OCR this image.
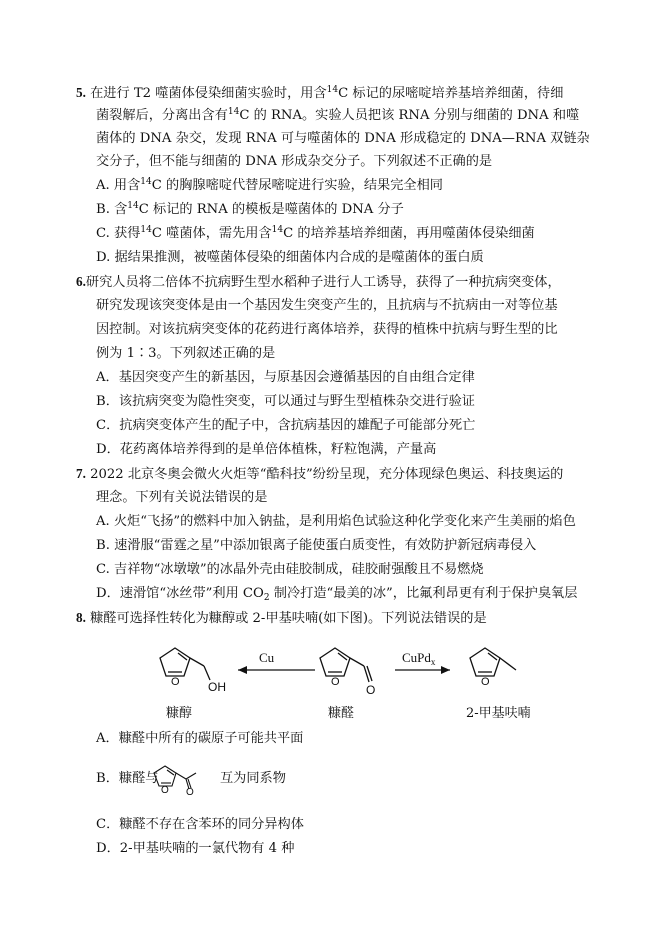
5. 在进行 T2 噬菌体侵染细菌实验时，用含$^{14}$C 标记的尿嘧啶培养基培养细菌，待细
菌裂解后，分离出含有$^{14}$C 的 RNA。实验人员把该 RNA 分别与细菌的 DNA 和噬
菌体的 DNA 杂交，发现 RNA 可与噬菌体的 DNA 形成稳定的 DNA—RNA 双链杂
交分子，但不能与细菌的 DNA 形成杂交分子。下列叙述不正确的是
A. 用含$^{14}$C 的胸腺嘧啶代替尿嘧啶进行实验，结果完全相同
B. 含$^{14}$C 标记的 RNA 的模板是噬菌体的 DNA 分子
C. 获得$^{14}$C 噬菌体，需先用含$^{14}$C 的培养基培养细菌，再用噬菌体侵染细菌
D. 据结果推测，被噬菌体侵染的细菌体内合成的是噬菌体的蛋白质
6.研究人员将二倍体不抗病野生型水稻种子进行人工诱导，获得了一种抗病突变体，
研究发现该突变体是由一个基因发生突变产生的，且抗病与不抗病由一对等位基
因控制。对该抗病突变体的花药进行离体培养，获得的植株中抗病与野生型的比
例为 1∶3。下列叙述正确的是
A．基因突变产生的新基因，与原基因会遵循基因的自由组合定律
B．该抗病突变为隐性突变，可以通过与野生型植株杂交进行验证
C．抗病突变体产生的配子中，含抗病基因的雄配子可能部分死亡
D．花药离体培养得到的是单倍体植株，籽粒饱满，产量高
7. 2022 北京冬奥会微火火炬等“酷科技”纷纷呈现，充分体现绿色奥运、科技奥运的
理念。下列有关说法错误的是
A. 火炬“飞扬”的燃料中加入钠盐，是利用焰色试验这种化学变化来产生美丽的焰色
B. 速滑服“雷霆之星”中添加银离子能使蛋白质变性，有效防护新冠病毒侵入
C. 吉祥物“冰墩墩”的冰晶外壳由硅胶制成，硅胶耐强酸且不易燃烧
D．速滑馆“冰丝带”利用 $CO_2$ 制冷打造“最美的冰”，比氟利昂更有利于保护臭氧层
8. 糠醛可选择性转化为糠醇或 2-甲基呋喃(如下图)。下列说法错误的是
O	O	O
OH	O
Cu	CuPd$_x$
糠醇	糠醛	2-甲基呋喃
A．糠醛中所有的碳原子可能共平面
B．糠醛与
O O
互为同系物
C．糠醛不存在含苯环的同分异构体
D．2-甲基呋喃的一氯代物有 4 种
